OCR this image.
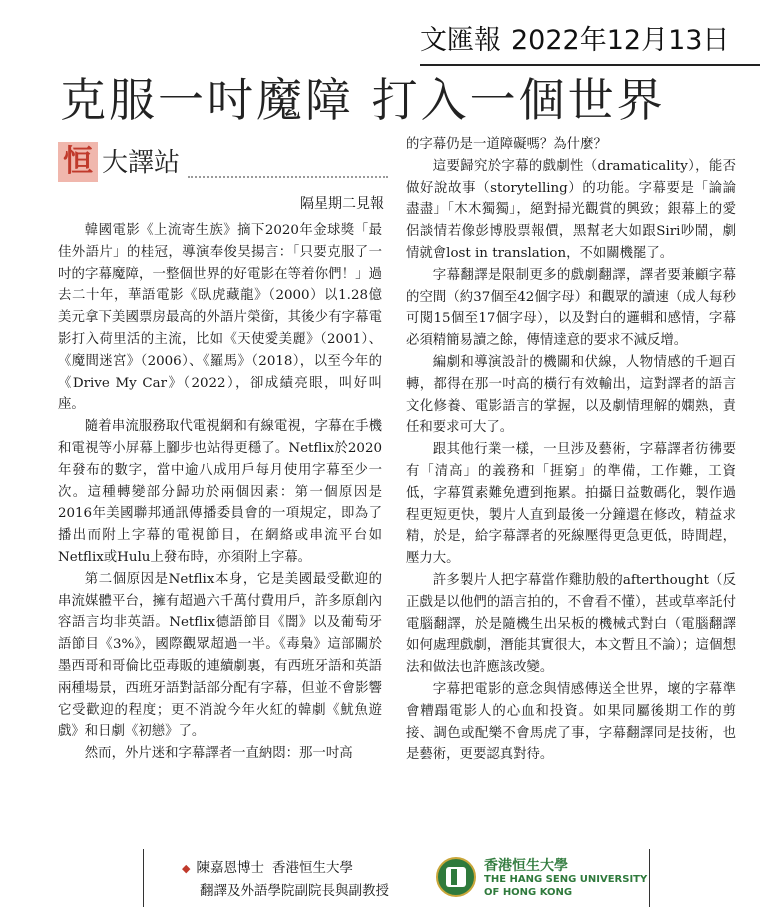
文匯報 2022年12月13日
克服一吋魔障 打入一個世界
恒 大譯站
隔星期二見報

韓國電影《上流寄生族》摘下2020年金球獎「最佳外語片」的桂冠，導演奉俊昊揚言：「只要克服了一吋的字幕魔障，一整個世界的好電影在等着你們！」過去二十年，華語電影《臥虎藏龍》（2000）以1.28億美元拿下美國票房最高的外語片榮銜，其後少有字幕電影打入荷里活的主流，比如《天使愛美麗》（2001）、《魔間迷宮》（2006）、《羅馬》（2018），以至今年的《Drive My Car》（2022），卻成績亮眼，叫好叫座。

隨着串流服務取代電視網和有線電視，字幕在手機和電視等小屏幕上腳步也站得更穩了。Netflix於2020年發布的數字，當中逾八成用戶每月使用字幕至少一次。這種轉變部分歸功於兩個因素：第一個原因是2016年美國聯邦通訊傳播委員會的一項規定，即為了播出而附上字幕的電視節目，在網絡或串流平台如Netflix或Hulu上發布時，亦須附上字幕。

第二個原因是Netflix本身，它是美國最受歡迎的串流媒體平台，擁有超過六千萬付費用戶，許多原創內容語言均非英語。Netflix德語節目《闇》以及葡萄牙語節目《3%》，國際觀眾超過一半。《毒梟》這部關於墨西哥和哥倫比亞毒販的連續劇裏，有西班牙語和英語兩種場景，西班牙語對話部分配有字幕，但並不會影響它受歡迎的程度；更不消說今年火紅的韓劇《魷魚遊戲》和日劇《初戀》了。

然而，外片迷和字幕譯者一直納悶：那一吋高

的字幕仍是一道障礙嗎？為什麼？

這要歸究於字幕的戲劇性（dramaticality），能否做好說故事（storytelling）的功能。字幕要是「論論盡盡」「木木獨獨」，絕對掃光觀賞的興致；銀幕上的愛侶談情若像彭博股票報價，黑幫老大如跟Siri吵鬧，劇情就會lost in translation，不如關機罷了。

字幕翻譯是限制更多的戲劇翻譯，譯者要兼顧字幕的空間（約37個至42個字母）和觀眾的讀速（成人每秒可閱15個至17個字母），以及對白的邏輯和感情，字幕必須精簡易讀之餘，傳情達意的要求不減反增。

編劇和導演設計的機關和伏線，人物情感的千迴百轉，都得在那一吋高的橫行有效輸出，這對譯者的語言文化修養、電影語言的掌握，以及劇情理解的嫻熟，責任和要求可大了。

跟其他行業一樣，一旦涉及藝術，字幕譯者彷彿要有「清高」的義務和「捱窮」的準備，工作難，工資低，字幕質素難免遭到拖累。拍攝日益數碼化，製作過程更短更快，製片人直到最後一分鐘還在修改，精益求精，於是，給字幕譯者的死線壓得更急更低，時間趕，壓力大。

許多製片人把字幕當作雞肋般的afterthought（反正戲是以他們的語言拍的，不會看不懂），甚或草率託付電腦翻譯，於是隨機生出呆板的機械式對白（電腦翻譯如何處理戲劇，潛能其實很大，本文暫且不論）；這個想法和做法也許應該改變。

字幕把電影的意念與情感傳送全世界，壞的字幕準會糟蹋電影人的心血和投資。如果同屬後期工作的剪接、調色或配樂不會馬虎了事，字幕翻譯同是技術，也是藝術，更要認真對待。

◆ 陳嘉恩博士 香港恒生大學
翻譯及外語學院副院長與副教授
香港恒生大學
THE HANG SENG UNIVERSITY
OF HONG KONG
